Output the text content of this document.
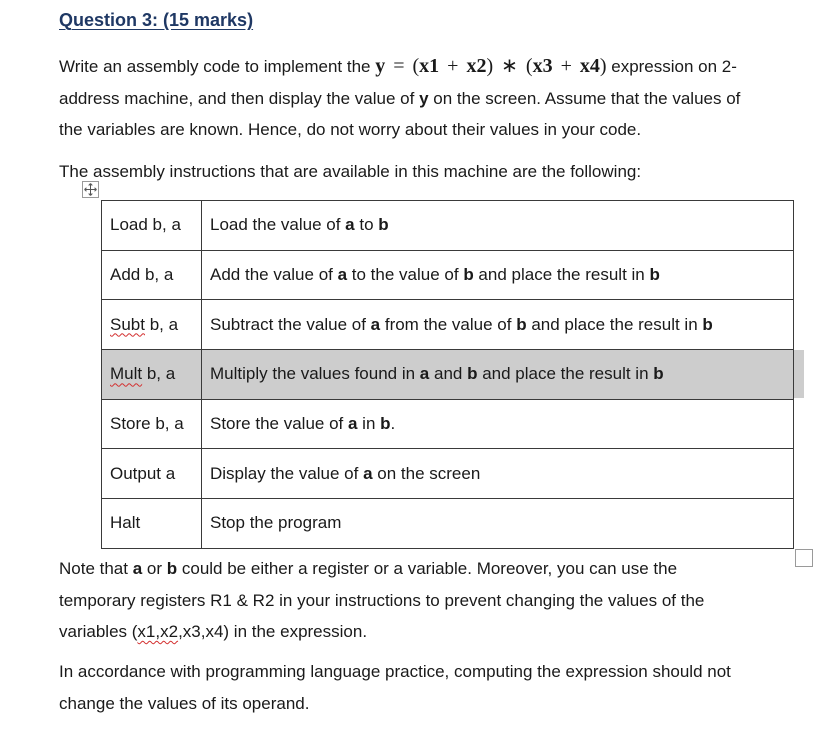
Question 3: (15 marks)
Write an assembly code to implement the y = (x1 + x2) ∗ (x3 + x4) expression on 2-
address machine, and then display the value of y on the screen. Assume that the values of
the variables are known. Hence, do not worry about their values in your code.
The assembly instructions that are available in this machine are the following:
Load b, a	Load the value of a to b
Add b, a	Add the value of a to the value of b and place the result in b
Subt b, a	Subtract the value of a from the value of b and place the result in b
Mult b, a	Multiply the values found in a and b and place the result in b
Store b, a	Store the value of a in b.
Output a	Display the value of a on the screen
Halt	Stop the program
Note that a or b could be either a register or a variable. Moreover, you can use the
temporary registers R1 & R2 in your instructions to prevent changing the values of the
variables (x1,x2,x3,x4) in the expression.
In accordance with programming language practice, computing the expression should not
change the values of its operand.
